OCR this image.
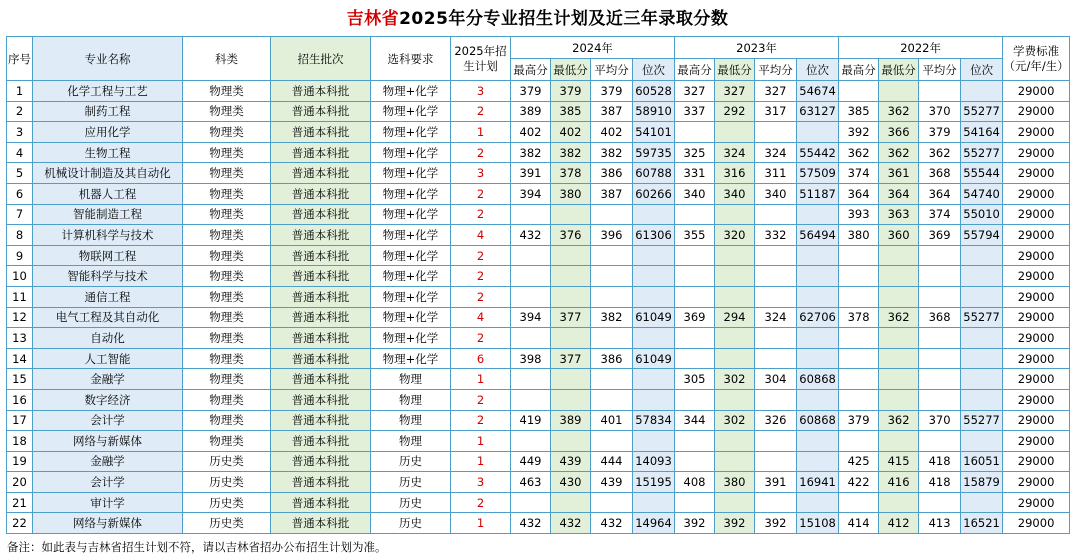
吉林省2025年分专业招生计划及近三年录取分数
序号	专业名称	科类	招生批次	选科要求	2025年招生计划	2024年				2023年				2022年				学费标准（元/年/生）
						最高分	最低分	平均分	位次	最高分	最低分	平均分	位次	最高分	最低分	平均分	位次	
1	化学工程与工艺	物理类	普通本科批	物理+化学	3	379	379	379	60528	327	327	327	54674					29000
2	制药工程	物理类	普通本科批	物理+化学	2	389	385	387	58910	337	292	317	63127	385	362	370	55277	29000
3	应用化学	物理类	普通本科批	物理+化学	1	402	402	402	54101					392	366	379	54164	29000
4	生物工程	物理类	普通本科批	物理+化学	2	382	382	382	59735	325	324	324	55442	362	362	362	55277	29000
5	机械设计制造及其自动化	物理类	普通本科批	物理+化学	3	391	378	386	60788	331	316	311	57509	374	361	368	55544	29000
6	机器人工程	物理类	普通本科批	物理+化学	2	394	380	387	60266	340	340	340	51187	364	364	364	54740	29000
7	智能制造工程	物理类	普通本科批	物理+化学	2									393	363	374	55010	29000
8	计算机科学与技术	物理类	普通本科批	物理+化学	4	432	376	396	61306	355	320	332	56494	380	360	369	55794	29000
9	物联网工程	物理类	普通本科批	物理+化学	2													29000
10	智能科学与技术	物理类	普通本科批	物理+化学	2													29000
11	通信工程	物理类	普通本科批	物理+化学	2													29000
12	电气工程及其自动化	物理类	普通本科批	物理+化学	4	394	377	382	61049	369	294	324	62706	378	362	368	55277	29000
13	自动化	物理类	普通本科批	物理+化学	2													29000
14	人工智能	物理类	普通本科批	物理+化学	6	398	377	386	61049									29000
15	金融学	物理类	普通本科批	物理	1					305	302	304	60868					29000
16	数字经济	物理类	普通本科批	物理	2													29000
17	会计学	物理类	普通本科批	物理	2	419	389	401	57834	344	302	326	60868	379	362	370	55277	29000
18	网络与新媒体	物理类	普通本科批	物理	1													29000
19	金融学	历史类	普通本科批	历史	1	449	439	444	14093					425	415	418	16051	29000
20	会计学	历史类	普通本科批	历史	3	463	430	439	15195	408	380	391	16941	422	416	418	15879	29000
21	审计学	历史类	普通本科批	历史	2													29000
22	网络与新媒体	历史类	普通本科批	历史	1	432	432	432	14964	392	392	392	15108	414	412	413	16521	29000
备注：如此表与吉林省招生计划不符，请以吉林省招办公布招生计划为准。
